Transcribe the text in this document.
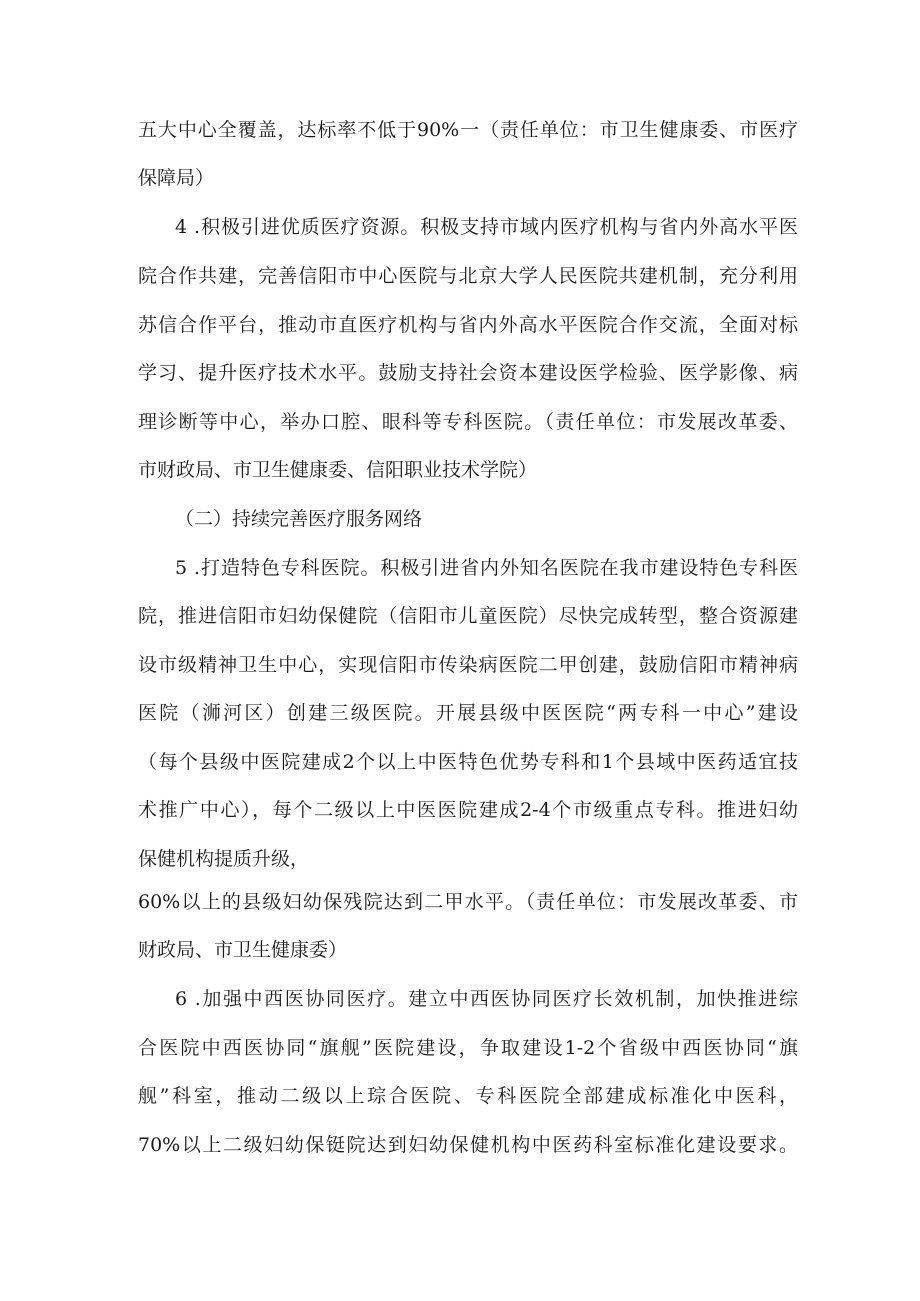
五大中心全覆盖，达标率不低于90%一（责任单位：市卫生健康委、市医疗
保障局）
4 .积极引进优质医疗资源。积极支持市域内医疗机构与省内外高水平医
院合作共建，完善信阳市中心医院与北京大学人民医院共建机制，充分利用
苏信合作平台，推动市直医疗机构与省内外高水平医院合作交流，全面对标
学习、提升医疗技术水平。鼓励支持社会资本建设医学检验、医学影像、病
理诊断等中心，举办口腔、眼科等专科医院。（责任单位：市发展改革委、
市财政局、市卫生健康委、信阳职业技术学院）
（二）持续完善医疗服务网络
5 .打造特色专科医院。积极引进省内外知名医院在我市建设特色专科医
院，推进信阳市妇幼保健院（信阳市儿童医院）尽快完成转型，整合资源建
设市级精神卫生中心，实现信阳市传染病医院二甲创建，鼓励信阳市精神病
医院（浉河区）创建三级医院。开展县级中医医院“两专科一中心”建设
（每个县级中医院建成2个以上中医特色优势专科和1个县域中医药适宜技
术推广中心），每个二级以上中医医院建成2-4个市级重点专科。推进妇幼
保健机构提质升级，
60%以上的县级妇幼保残院达到二甲水平。（责任单位：市发展改革委、市
财政局、市卫生健康委）
6 .加强中西医协同医疗。建立中西医协同医疗长效机制，加快推进综
合医院中西医协同“旗舰”医院建设，争取建设1-2个省级中西医协同“旗
舰”科室，推动二级以上琮合医院、专科医院全部建成标准化中医科，
70%以上二级妇幼保铤院达到妇幼保健机构中医药科室标准化建设要求。
